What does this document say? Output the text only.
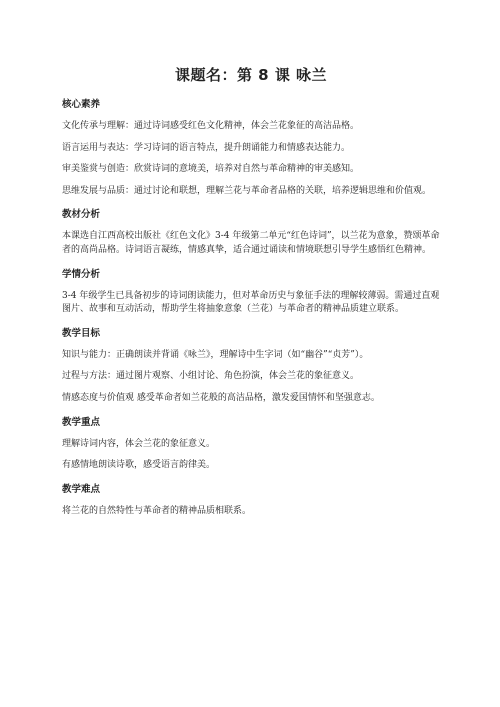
课题名：第 8 课 咏兰
核心素养

文化传承与理解：通过诗词感受红色文化精神，体会兰花象征的高洁品格。

语言运用与表达：学习诗词的语言特点，提升朗诵能力和情感表达能力。

审美鉴赏与创造：欣赏诗词的意境美，培养对自然与革命精神的审美感知。

思维发展与品质：通过讨论和联想，理解兰花与革命者品格的关联，培养逻辑思维和价值观。

教材分析

本课选自江西高校出版社《红色文化》3-4 年级第二单元“红色诗词”，以兰花为意象，赞颂革命者的高尚品格。诗词语言凝练，情感真挚，适合通过诵读和情境联想引导学生感悟红色精神。

学情分析

3-4 年级学生已具备初步的诗词朗读能力，但对革命历史与象征手法的理解较薄弱。需通过直观图片、故事和互动活动，帮助学生将抽象意象（兰花）与革命者的精神品质建立联系。

教学目标

知识与能力：正确朗读并背诵《咏兰》，理解诗中生字词（如“幽谷”“贞芳”）。

过程与方法：通过图片观察、小组讨论、角色扮演，体会兰花的象征意义。

情感态度与价值观 感受革命者如兰花般的高洁品格，激发爱国情怀和坚强意志。

教学重点

理解诗词内容，体会兰花的象征意义。

有感情地朗读诗歌，感受语言韵律美。

教学难点

将兰花的自然特性与革命者的精神品质相联系。
